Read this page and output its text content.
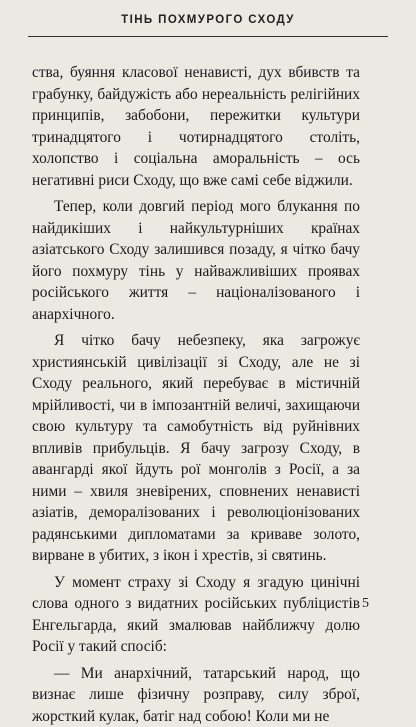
ТІНЬ ПОХМУРОГО СХОДУ

ства, буяння класової ненависті, дух вбивств та грабунку, байдужість або нереальність релігійних принципів, забобони, пережитки культури тринадцятого і чотирнадцятого століть, холопство і соціальна аморальність – ось негативні риси Сходу, що вже самі себе віджили.

Тепер, коли довгий період мого блукання по найдикіших і найкультурніших країнах азіатського Сходу залишився позаду, я чітко бачу його похмуру тінь у найважливіших проявах російського життя – націоналізованого і анархічного.

Я чітко бачу небезпеку, яка загрожує християнській цивілізації зі Сходу, але не зі Сходу реального, який перебуває в містичній мрійливості, чи в імпозантній величі, захищаючи свою культуру та самобутність від руйнівних впливів прибульців. Я бачу загрозу Сходу, в авангарді якої йдуть рої монголів з Росії, а за ними – хвиля зневірених, сповнених ненависті азіатів, деморалізованих і революціонізованих радянськими дипломатами за криваве золото, вирване в убитих, з ікон і хрестів, зі святинь.

У момент страху зі Сходу я згадую цинічні слова одного з видатних російських публіцистів Енгельгарда, який змалював найближчу долю Росії у такий спосіб:

— Ми анархічний, татарський народ, що визнає лише фізичну розправу, силу зброї, жорсткий кулак, батіг над собою! Коли ми не

5
